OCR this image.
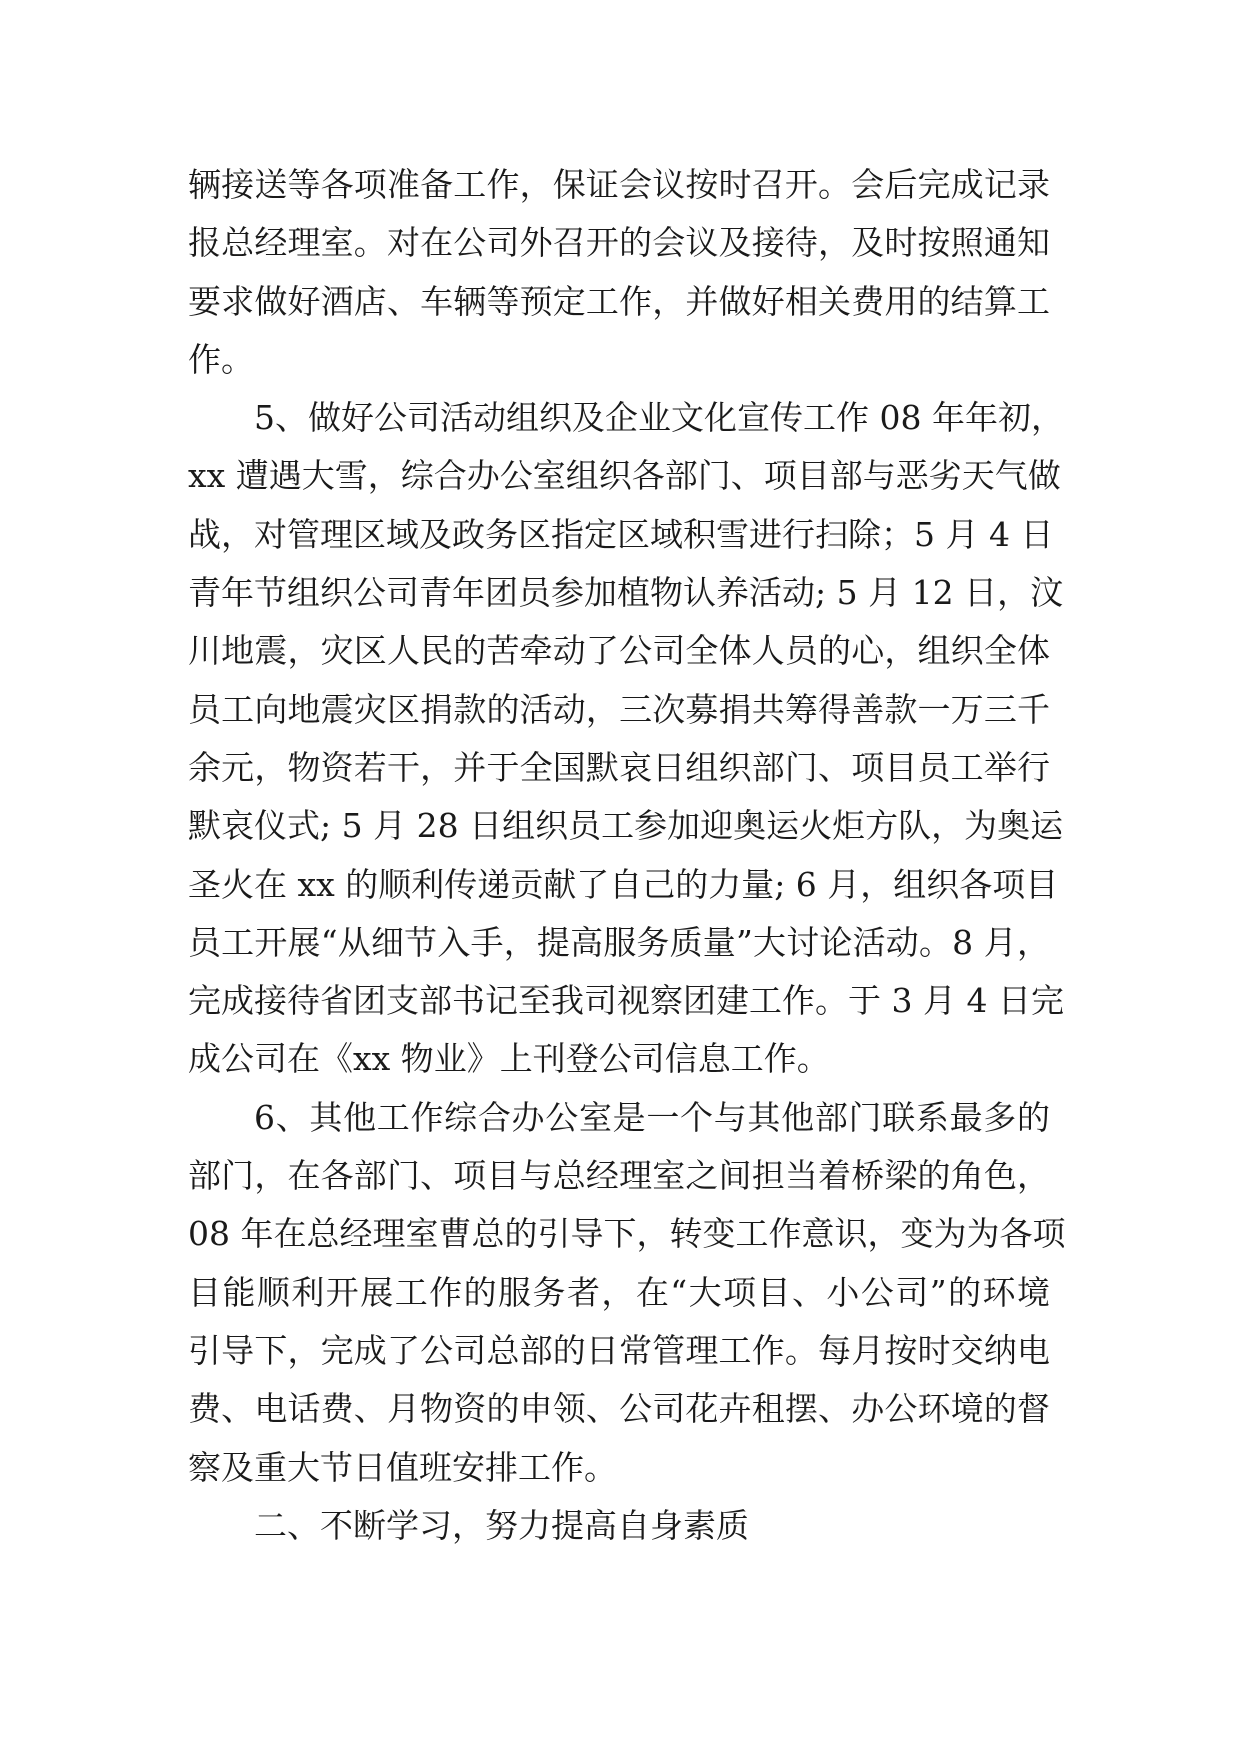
辆接送等各项准备工作，保证会议按时召开。会后完成记录
报总经理室。对在公司外召开的会议及接待，及时按照通知
要求做好酒店、车辆等预定工作，并做好相关费用的结算工
作。
5、做好公司活动组织及企业文化宣传工作 08 年年初，
xx 遭遇大雪，综合办公室组织各部门、项目部与恶劣天气做
战，对管理区域及政务区指定区域积雪进行扫除；5 月 4 日
青年节组织公司青年团员参加植物认养活动; 5 月 12 日，汶
川地震，灾区人民的苦牵动了公司全体人员的心，组织全体
员工向地震灾区捐款的活动，三次募捐共筹得善款一万三千
余元，物资若干，并于全国默哀日组织部门、项目员工举行
默哀仪式; 5 月 28 日组织员工参加迎奥运火炬方队，为奥运
圣火在 xx 的顺利传递贡献了自己的力量; 6 月，组织各项目
员工开展“从细节入手，提高服务质量”大讨论活动。8 月，
完成接待省团支部书记至我司视察团建工作。于 3 月 4 日完
成公司在《xx 物业》上刊登公司信息工作。
6、其他工作综合办公室是一个与其他部门联系最多的
部门，在各部门、项目与总经理室之间担当着桥梁的角色，
08 年在总经理室曹总的引导下，转变工作意识，变为为各项
目能顺利开展工作的服务者，在“大项目、小公司”的环境
引导下，完成了公司总部的日常管理工作。每月按时交纳电
费、电话费、月物资的申领、公司花卉租摆、办公环境的督
察及重大节日值班安排工作。
二、不断学习，努力提高自身素质
